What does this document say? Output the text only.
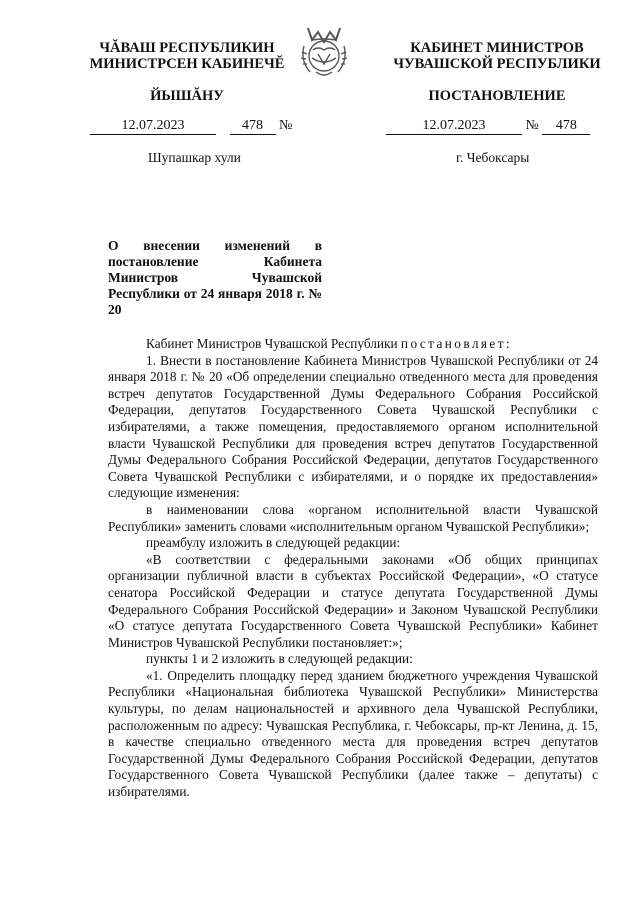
ЧĂВАШ РЕСПУБЛИКИН
МИНИСТРСЕН КАБИНЕЧĔ
КАБИНЕТ МИНИСТРОВ
ЧУВАШСКОЙ РЕСПУБЛИКИ
ЙЫШĂНУ	ПОСТАНОВЛЕНИЕ
12.07.2023	478 №	12.07.2023	№ 478
Шупашкар хули	г. Чебоксары
О внесении изменений в постановление Кабинета Министров Чувашской Республики от 24 января 2018 г. № 20

Кабинет Министров Чувашской Республики постановляет:

1. Внести в постановление Кабинета Министров Чувашской Республики от 24 января 2018 г. № 20 «Об определении специально отведенного места для проведения встреч депутатов Государственной Думы Федерального Собрания Российской Федерации, депутатов Государственного Совета Чувашской Республики с избирателями, а также помещения, предоставляемого органом исполнительной власти Чувашской Республики для проведения встреч депутатов Государственной Думы Федерального Собрания Российской Федерации, депутатов Государственного Совета Чувашской Республики с избирателями, и о порядке их предоставления» следующие изменения:

в наименовании слова «органом исполнительной власти Чувашской Республики» заменить словами «исполнительным органом Чувашской Республики»;

преамбулу изложить в следующей редакции:

«В соответствии с федеральными законами «Об общих принципах организации публичной власти в субъектах Российской Федерации», «О статусе сенатора Российской Федерации и статусе депутата Государственной Думы Федерального Собрания Российской Федерации» и Законом Чувашской Республики «О статусе депутата Государственного Совета Чувашской Республики» Кабинет Министров Чувашской Республики постановляет:»;

пункты 1 и 2 изложить в следующей редакции:

«1. Определить площадку перед зданием бюджетного учреждения Чувашской Республики «Национальная библиотека Чувашской Республики» Министерства культуры, по делам национальностей и архивного дела Чувашской Республики, расположенным по адресу: Чувашская Республика, г. Чебоксары, пр-кт Ленина, д. 15, в качестве специально отведенного места для проведения встреч депутатов Государственной Думы Федерального Собрания Российской Федерации, депутатов Государственного Совета Чувашской Республики (далее также – депутаты) с избирателями.
